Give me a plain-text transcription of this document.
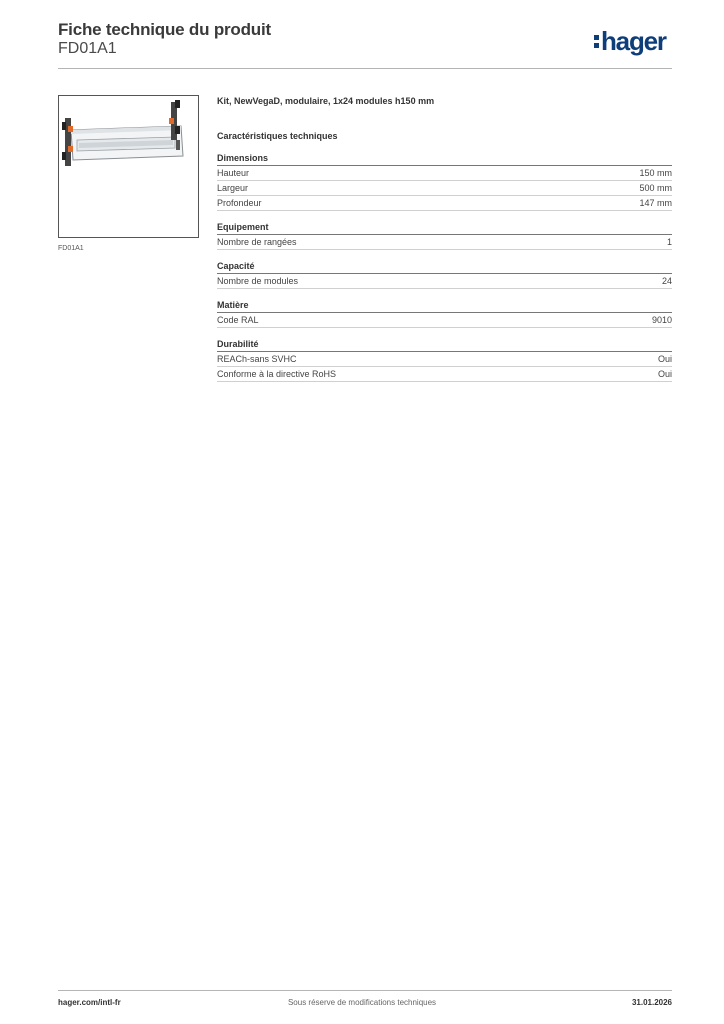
Fiche technique du produit
FD01A1	hager
FD01A1
Kit, NewVegaD, modulaire, 1x24 modules h150 mm
Caractéristiques techniques
Dimensions
Hauteur	150 mm
Largeur	500 mm
Profondeur	147 mm
Equipement
Nombre de rangées	1
Capacité
Nombre de modules	24
Matière
Code RAL	9010
Durabilité
REACh-sans SVHC	Oui
Conforme à la directive RoHS	Oui
hager.com/intl-fr	Sous réserve de modifications techniques	31.01.2026
